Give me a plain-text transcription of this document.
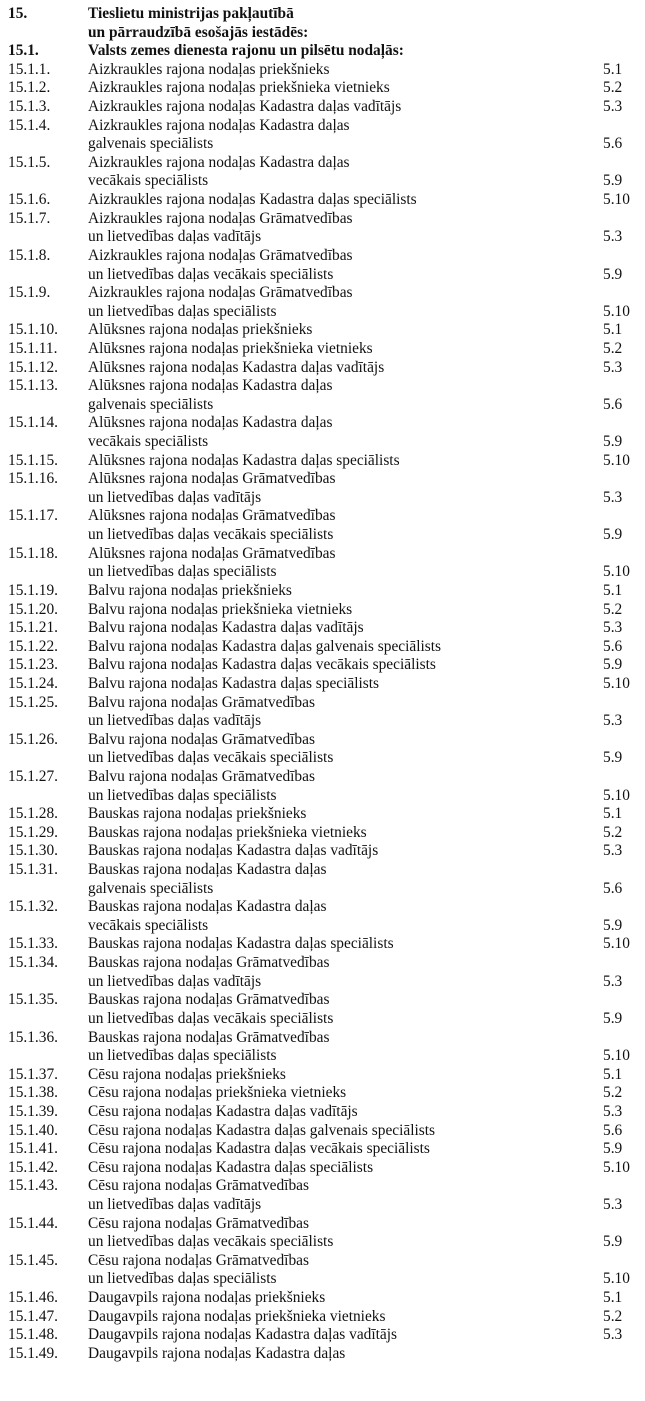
15.	Tieslietu ministrijas pakļautībā
un pārraudzībā esošajās iestādēs:
15.1.	Valsts zemes dienesta rajonu un pilsētu nodaļās:
15.1.1. Aizkraukles rajona nodaļas priekšnieks	5.1
15.1.2. Aizkraukles rajona nodaļas priekšnieka vietnieks	5.2
15.1.3. Aizkraukles rajona nodaļas Kadastra daļas vadītājs	5.3
15.1.4. Aizkraukles rajona nodaļas Kadastra daļas
galvenais speciālists	5.6
15.1.5. Aizkraukles rajona nodaļas Kadastra daļas
vecākais speciālists	5.9
15.1.6. Aizkraukles rajona nodaļas Kadastra daļas speciālists	5.10
15.1.7. Aizkraukles rajona nodaļas Grāmatvedības
un lietvedības daļas vadītājs	5.3
15.1.8. Aizkraukles rajona nodaļas Grāmatvedības
un lietvedības daļas vecākais speciālists	5.9
15.1.9. Aizkraukles rajona nodaļas Grāmatvedības
un lietvedības daļas speciālists	5.10
15.1.10. Alūksnes rajona nodaļas priekšnieks	5.1
15.1.11. Alūksnes rajona nodaļas priekšnieka vietnieks	5.2
15.1.12. Alūksnes rajona nodaļas Kadastra daļas vadītājs	5.3
15.1.13. Alūksnes rajona nodaļas Kadastra daļas
galvenais speciālists	5.6
15.1.14. Alūksnes rajona nodaļas Kadastra daļas
vecākais speciālists	5.9
15.1.15. Alūksnes rajona nodaļas Kadastra daļas speciālists	5.10
15.1.16. Alūksnes rajona nodaļas Grāmatvedības
un lietvedības daļas vadītājs	5.3
15.1.17. Alūksnes rajona nodaļas Grāmatvedības
un lietvedības daļas vecākais speciālists	5.9
15.1.18. Alūksnes rajona nodaļas Grāmatvedības
un lietvedības daļas speciālists	5.10
15.1.19. Balvu rajona nodaļas priekšnieks	5.1
15.1.20. Balvu rajona nodaļas priekšnieka vietnieks	5.2
15.1.21. Balvu rajona nodaļas Kadastra daļas vadītājs	5.3
15.1.22. Balvu rajona nodaļas Kadastra daļas galvenais speciālists	5.6
15.1.23. Balvu rajona nodaļas Kadastra daļas vecākais speciālists	5.9
15.1.24. Balvu rajona nodaļas Kadastra daļas speciālists	5.10
15.1.25. Balvu rajona nodaļas Grāmatvedības
un lietvedības daļas vadītājs	5.3
15.1.26. Balvu rajona nodaļas Grāmatvedības
un lietvedības daļas vecākais speciālists	5.9
15.1.27. Balvu rajona nodaļas Grāmatvedības
un lietvedības daļas speciālists	5.10
15.1.28. Bauskas rajona nodaļas priekšnieks	5.1
15.1.29. Bauskas rajona nodaļas priekšnieka vietnieks	5.2
15.1.30. Bauskas rajona nodaļas Kadastra daļas vadītājs	5.3
15.1.31. Bauskas rajona nodaļas Kadastra daļas
galvenais speciālists	5.6
15.1.32. Bauskas rajona nodaļas Kadastra daļas
vecākais speciālists	5.9
15.1.33. Bauskas rajona nodaļas Kadastra daļas speciālists	5.10
15.1.34. Bauskas rajona nodaļas Grāmatvedības
un lietvedības daļas vadītājs	5.3
15.1.35. Bauskas rajona nodaļas Grāmatvedības
un lietvedības daļas vecākais speciālists	5.9
15.1.36. Bauskas rajona nodaļas Grāmatvedības
un lietvedības daļas speciālists	5.10
15.1.37. Cēsu rajona nodaļas priekšnieks	5.1
15.1.38. Cēsu rajona nodaļas priekšnieka vietnieks	5.2
15.1.39. Cēsu rajona nodaļas Kadastra daļas vadītājs	5.3
15.1.40. Cēsu rajona nodaļas Kadastra daļas galvenais speciālists	5.6
15.1.41. Cēsu rajona nodaļas Kadastra daļas vecākais speciālists	5.9
15.1.42. Cēsu rajona nodaļas Kadastra daļas speciālists	5.10
15.1.43. Cēsu rajona nodaļas Grāmatvedības
un lietvedības daļas vadītājs	5.3
15.1.44. Cēsu rajona nodaļas Grāmatvedības
un lietvedības daļas vecākais speciālists	5.9
15.1.45. Cēsu rajona nodaļas Grāmatvedības
un lietvedības daļas speciālists	5.10
15.1.46. Daugavpils rajona nodaļas priekšnieks	5.1
15.1.47. Daugavpils rajona nodaļas priekšnieka vietnieks	5.2
15.1.48. Daugavpils rajona nodaļas Kadastra daļas vadītājs	5.3
15.1.49. Daugavpils rajona nodaļas Kadastra daļas
